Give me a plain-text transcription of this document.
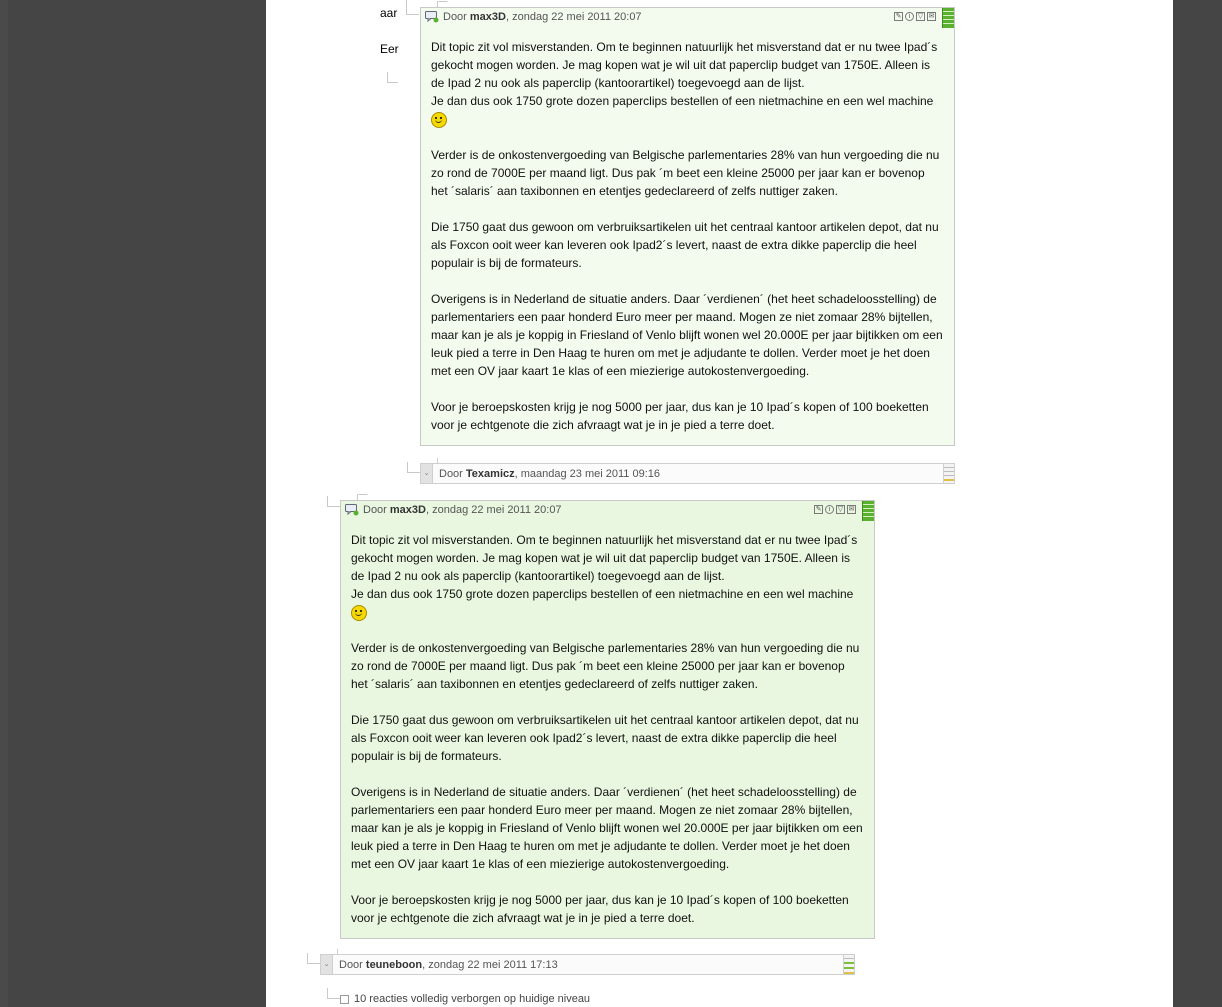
aar
Eer
Door max3D, zondag 22 mei 2011 20:07	✎	i	▽ ✉

Dit topic zit vol misverstanden. Om te beginnen natuurlijk het misverstand dat er nu twee Ipad´s gekocht mogen worden. Je mag kopen wat je wil uit dat paperclip budget van 1750E. Alleen is de Ipad 2 nu ook als paperclip (kantoorartikel) toegevoegd aan de lijst.

Je dan dus ook 1750 grote dozen paperclips bestellen of een nietmachine en een wel machine

Verder is de onkostenvergoeding van Belgische parlementaries 28% van hun vergoeding die nu zo rond de 7000E per maand ligt. Dus pak ´m beet een kleine 25000 per jaar kan er bovenop het ´salaris´ aan taxibonnen en etentjes gedeclareerd of zelfs nuttiger zaken.

Die 1750 gaat dus gewoon om verbruiksartikelen uit het centraal kantoor artikelen depot, dat nu als Foxcon ooit weer kan leveren ook Ipad2´s levert, naast de extra dikke paperclip die heel populair is bij de formateurs.

Overigens is in Nederland de situatie anders. Daar ´verdienen´ (het heet schadeloosstelling) de parlementariers een paar honderd Euro meer per maand. Mogen ze niet zomaar 28% bijtellen, maar kan je als je koppig in Friesland of Venlo blijft wonen wel 20.000E per jaar bijtikken om een leuk pied a terre in Den Haag te huren om met je adjudante te dollen. Verder moet je het doen met een OV jaar kaart 1e klas of een miezierige autokostenvergoeding.

Voor je beroepskosten krijg je nog 5000 per jaar, dus kan je 10 Ipad´s kopen of 100 boeketten voor je echtgenote die zich afvraagt wat je in je pied a terre doet.

⌄ Door Texamicz, maandag 23 mei 2011 09:16
Door max3D, zondag 22 mei 2011 20:07	✎	i	▽ ✉

Dit topic zit vol misverstanden. Om te beginnen natuurlijk het misverstand dat er nu twee Ipad´s gekocht mogen worden. Je mag kopen wat je wil uit dat paperclip budget van 1750E. Alleen is de Ipad 2 nu ook als paperclip (kantoorartikel) toegevoegd aan de lijst.

Je dan dus ook 1750 grote dozen paperclips bestellen of een nietmachine en een wel machine

Verder is de onkostenvergoeding van Belgische parlementaries 28% van hun vergoeding die nu zo rond de 7000E per maand ligt. Dus pak ´m beet een kleine 25000 per jaar kan er bovenop het ´salaris´ aan taxibonnen en etentjes gedeclareerd of zelfs nuttiger zaken.

Die 1750 gaat dus gewoon om verbruiksartikelen uit het centraal kantoor artikelen depot, dat nu als Foxcon ooit weer kan leveren ook Ipad2´s levert, naast de extra dikke paperclip die heel populair is bij de formateurs.

Overigens is in Nederland de situatie anders. Daar ´verdienen´ (het heet schadeloosstelling) de parlementariers een paar honderd Euro meer per maand. Mogen ze niet zomaar 28% bijtellen, maar kan je als je koppig in Friesland of Venlo blijft wonen wel 20.000E per jaar bijtikken om een leuk pied a terre in Den Haag te huren om met je adjudante te dollen. Verder moet je het doen met een OV jaar kaart 1e klas of een miezierige autokostenvergoeding.

Voor je beroepskosten krijg je nog 5000 per jaar, dus kan je 10 Ipad´s kopen of 100 boeketten voor je echtgenote die zich afvraagt wat je in je pied a terre doet.

⌄ Door teuneboon, zondag 22 mei 2011 17:13
10 reacties volledig verborgen op huidige niveau
